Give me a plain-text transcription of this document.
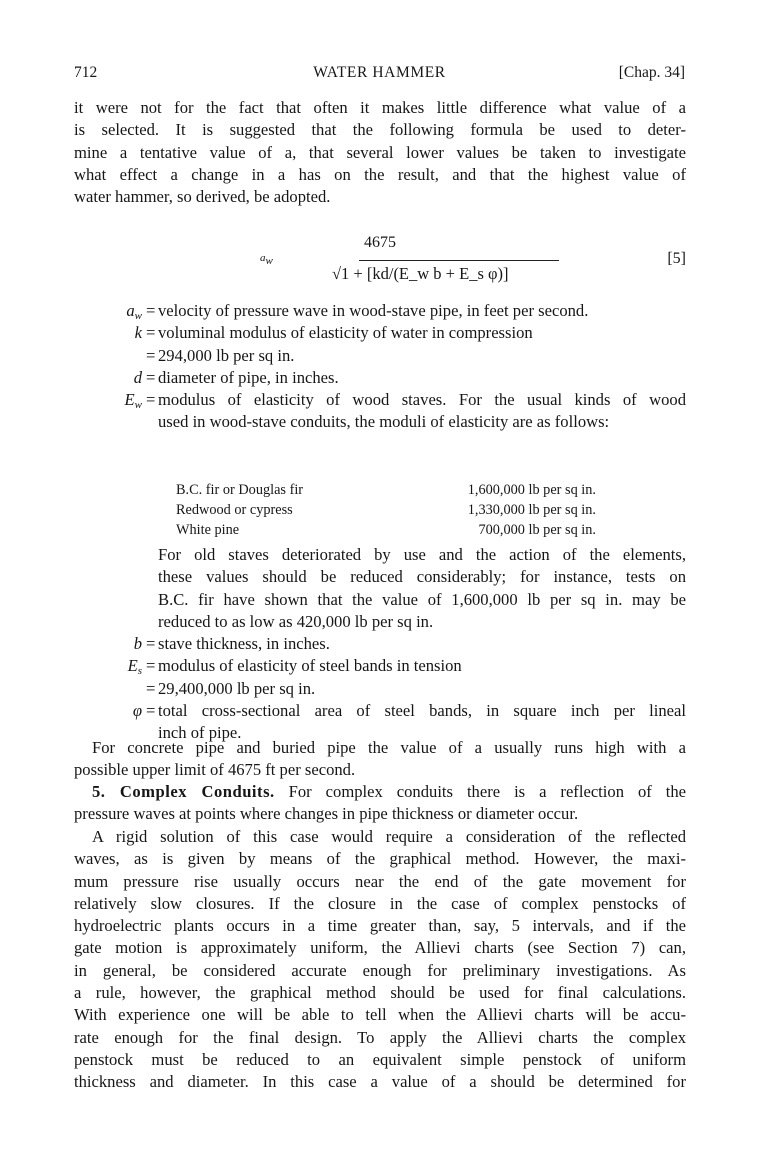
712	WATER HAMMER	[Chap. 34]
it were not for the fact that often it makes little difference what value of a
is selected. It is suggested that the following formula be used to deter-
mine a tentative value of a, that several lower values be taken to investigate
what effect a change in a has on the result, and that the highest value of
water hammer, so derived, be adopted.
$a_w$
4675
√1 + [kd/(E_w b + E_s φ)]
[5]
$a_w$ = velocity of pressure wave in wood-stave pipe, in feet per second.
k = voluminal modulus of elasticity of water in compression
= 294,000 lb per sq in.
d = diameter of pipe, in inches.
$E_w$ = modulus of elasticity of wood staves. For the usual kinds of wood
used in wood-stave conduits, the moduli of elasticity are as follows:
B.C. fir or Douglas fir	1,600,000 lb per sq in.
Redwood or cypress	1,330,000 lb per sq in.
White pine	700,000 lb per sq in.
For old staves deteriorated by use and the action of the elements,
these values should be reduced considerably; for instance, tests on
B.C. fir have shown that the value of 1,600,000 lb per sq in. may be
reduced to as low as 420,000 lb per sq in.
b = stave thickness, in inches.
$E_s$ = modulus of elasticity of steel bands in tension
= 29,400,000 lb per sq in.
φ = total cross-sectional area of steel bands, in square inch per lineal
inch of pipe.
For concrete pipe and buried pipe the value of a usually runs high with a
possible upper limit of 4675 ft per second.
5. Complex Conduits. For complex conduits there is a reflection of the
pressure waves at points where changes in pipe thickness or diameter occur.
A rigid solution of this case would require a consideration of the reflected
waves, as is given by means of the graphical method. However, the maxi-
mum pressure rise usually occurs near the end of the gate movement for
relatively slow closures. If the closure in the case of complex penstocks of
hydroelectric plants occurs in a time greater than, say, 5 intervals, and if the
gate motion is approximately uniform, the Allievi charts (see Section 7) can,
in general, be considered accurate enough for preliminary investigations. As
a rule, however, the graphical method should be used for final calculations.
With experience one will be able to tell when the Allievi charts will be accu-
rate enough for the final design. To apply the Allievi charts the complex
penstock must be reduced to an equivalent simple penstock of uniform
thickness and diameter. In this case a value of a should be determined for
